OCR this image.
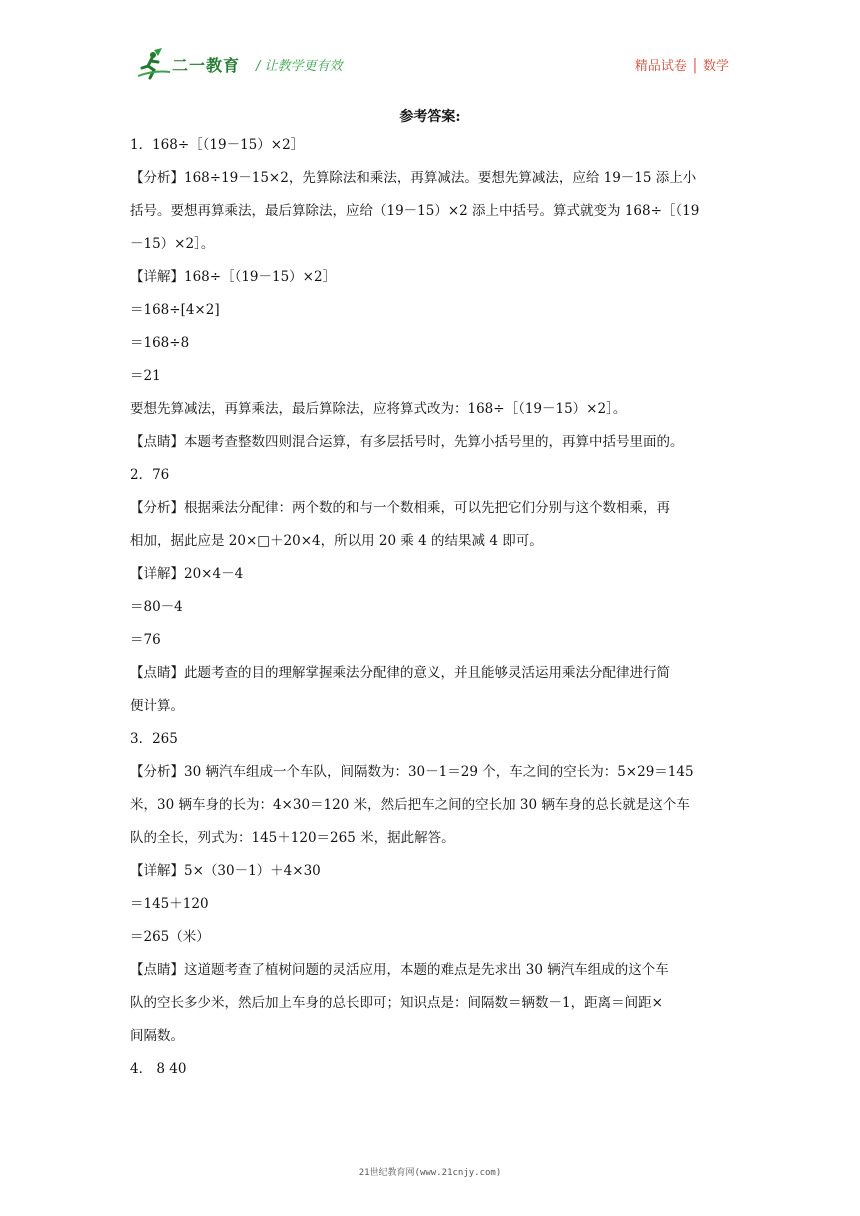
二一教育 / 让教学更有效	精品试卷 │ 数学
参考答案:
1．168÷［（19－15）×2］
【分析】168÷19－15×2，先算除法和乘法，再算减法。要想先算减法，应给 19－15 添上小
括号。要想再算乘法，最后算除法，应给（19－15）×2 添上中括号。算式就变为 168÷［（19
－15）×2］。
【详解】168÷［（19－15）×2］
＝168÷[4×2]
＝168÷8
＝21
要想先算减法，再算乘法，最后算除法，应将算式改为：168÷［（19－15）×2］。
【点睛】本题考查整数四则混合运算，有多层括号时，先算小括号里的，再算中括号里面的。
2．76
【分析】根据乘法分配律：两个数的和与一个数相乘，可以先把它们分别与这个数相乘，再
相加，据此应是 20×□＋20×4，所以用 20 乘 4 的结果减 4 即可。
【详解】20×4－4
＝80－4
＝76
【点睛】此题考查的目的理解掌握乘法分配律的意义，并且能够灵活运用乘法分配律进行简
便计算。
3．265
【分析】30 辆汽车组成一个车队，间隔数为：30－1＝29 个，车之间的空长为：5×29＝145
米，30 辆车身的长为：4×30＝120 米，然后把车之间的空长加 30 辆车身的总长就是这个车
队的全长，列式为：145＋120＝265 米，据此解答。
【详解】5×（30－1）＋4×30
＝145＋120
＝265（米）
【点睛】这道题考查了植树问题的灵活应用，本题的难点是先求出 30 辆汽车组成的这个车
队的空长多少米，然后加上车身的总长即可；知识点是：间隔数＝辆数－1，距离＝间距×
间隔数。
4． 8 40
21世纪教育网(www.21cnjy.com)
